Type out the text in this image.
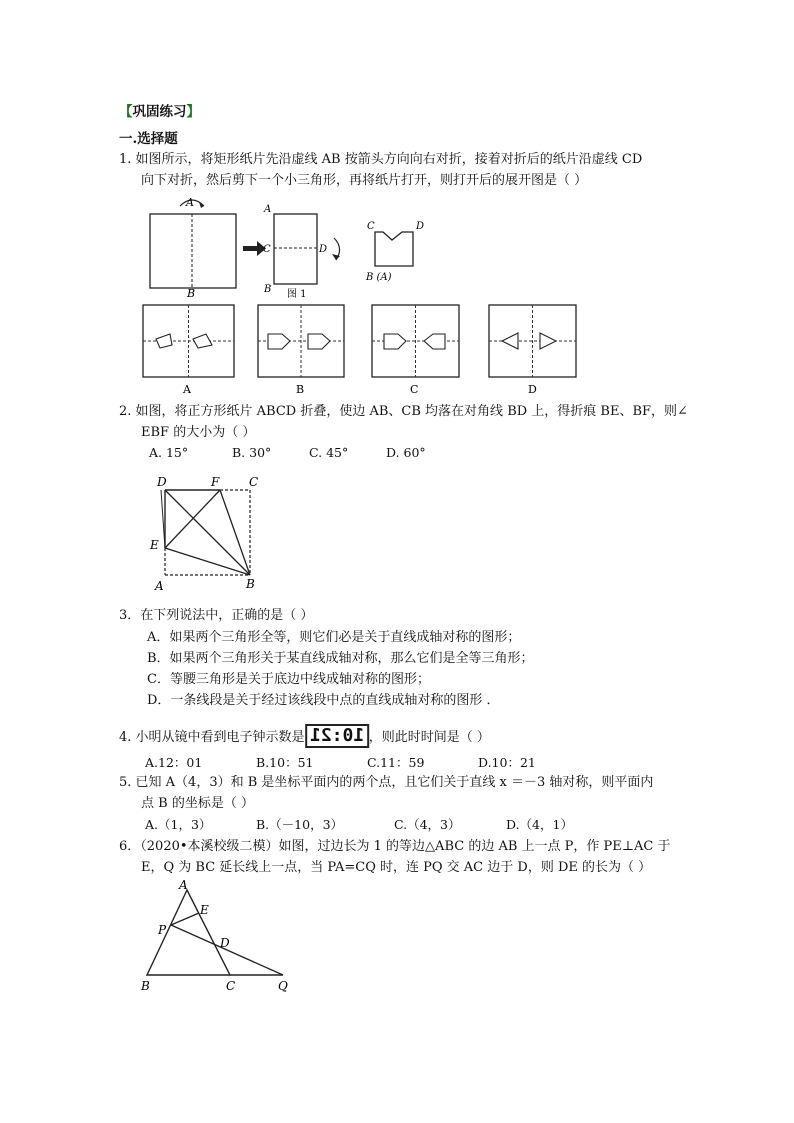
【巩固练习】
一.选择题
1. 如图所示，将矩形纸片先沿虚线 AB 按箭头方向向右对折，接着对折后的纸片沿虚线 CD
向下对折，然后剪下一个小三角形，再将纸片打开，则打开后的展开图是（ ）
A
B
A
B
C	D
C	D
B (A)
图 1
A	B	C	D
2. 如图，将正方形纸片 ABCD 折叠，使边 AB、CB 均落在对角线 BD 上，得折痕 BE、BF，则∠
EBF 的大小为（ ）
A. 15°	B. 30°	C. 45°	D. 60°
D	F C
E
A	B
3．在下列说法中，正确的是（ ）
A．如果两个三角形全等，则它们必是关于直线成轴对称的图形；
B．如果两个三角形关于某直线成轴对称，那么它们是全等三角形；
C．等腰三角形是关于底边中线成轴对称的图形；
D．一条线段是关于经过该线段中点的直线成轴对称的图形 ．
4. 小明从镜中看到电子钟示数是 10:21 ，则此时时间是（ ）
A.12：01	B.10：51	C.11：59	D.10：21
5. 已知 A（4，3）和 B 是坐标平面内的两个点，且它们关于直线 x ＝－3 轴对称，则平面内
点 B 的坐标是（ ）
A.（1，3）	B.（－10，3）	C.（4，3）	D.（4，1）
6．（2020•本溪校级二模）如图，过边长为 1 的等边△ABC 的边 AB 上一点 P，作 PE⊥AC 于
E，Q 为 BC 延长线上一点，当 PA=CQ 时，连 PQ 交 AC 边于 D，则 DE 的长为（ ）
A
E
P
D
B	C	Q
